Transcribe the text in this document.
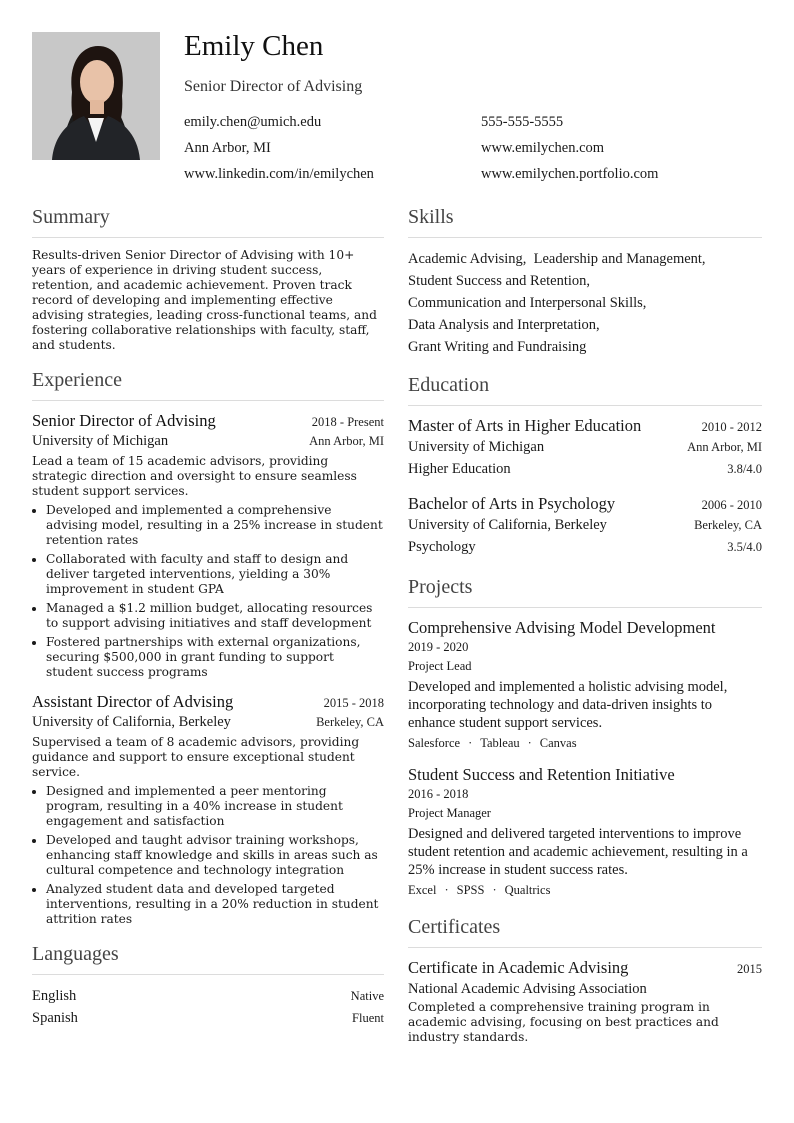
Emily Chen
Senior Director of Advising
emily.chen@umich.edu	555-555-5555
Ann Arbor, MI	www.emilychen.com
www.linkedin.com/in/emilychen	www.emilychen.portfolio.com
Summary

Results-driven Senior Director of Advising with 10+ years of experience in driving student success, retention, and academic achievement. Proven track record of developing and implementing effective advising strategies, leading cross-functional teams, and fostering collaborative relationships with faculty, staff, and students.

Experience
Senior Director of Advising	2018 - Present
University of Michigan	Ann Arbor, MI

Lead a team of 15 academic advisors, providing strategic direction and oversight to ensure seamless student support services.

• Developed and implemented a comprehensive advising model, resulting in a 25% increase in student retention rates
• Collaborated with faculty and staff to design and deliver targeted interventions, yielding a 30% improvement in student GPA
• Managed a $1.2 million budget, allocating resources to support advising initiatives and staff development
• Fostered partnerships with external organizations, securing $500,000 in grant funding to support student success programs
Assistant Director of Advising	2015 - 2018
University of California, Berkeley	Berkeley, CA

Supervised a team of 8 academic advisors, providing guidance and support to ensure exceptional student service.

• Designed and implemented a peer mentoring program, resulting in a 40% increase in student engagement and satisfaction
• Developed and taught advisor training workshops, enhancing staff knowledge and skills in areas such as cultural competence and technology integration
• Analyzed student data and developed targeted interventions, resulting in a 20% reduction in student attrition rates
Languages
English	Native
Spanish	Fluent
Skills
Academic Advising,  Leadership and Management,
Student Success and Retention,
Communication and Interpersonal Skills,
Data Analysis and Interpretation,
Grant Writing and Fundraising
Education
Master of Arts in Higher Education	2010 - 2012
University of Michigan	Ann Arbor, MI
Higher Education	3.8/4.0
Bachelor of Arts in Psychology	2006 - 2010
University of California, Berkeley	Berkeley, CA
Psychology	3.5/4.0
Projects
Comprehensive Advising Model Development
2019 - 2020
Project Lead
Developed and implemented a holistic advising model, incorporating technology and data-driven insights to enhance student support services.
Salesforce · Tableau · Canvas
Student Success and Retention Initiative
2016 - 2018
Project Manager
Designed and delivered targeted interventions to improve student retention and academic achievement, resulting in a 25% increase in student success rates.
Excel · SPSS · Qualtrics
Certificates
Certificate in Academic Advising	2015
National Academic Advising Association

Completed a comprehensive training program in academic advising, focusing on best practices and industry standards.
